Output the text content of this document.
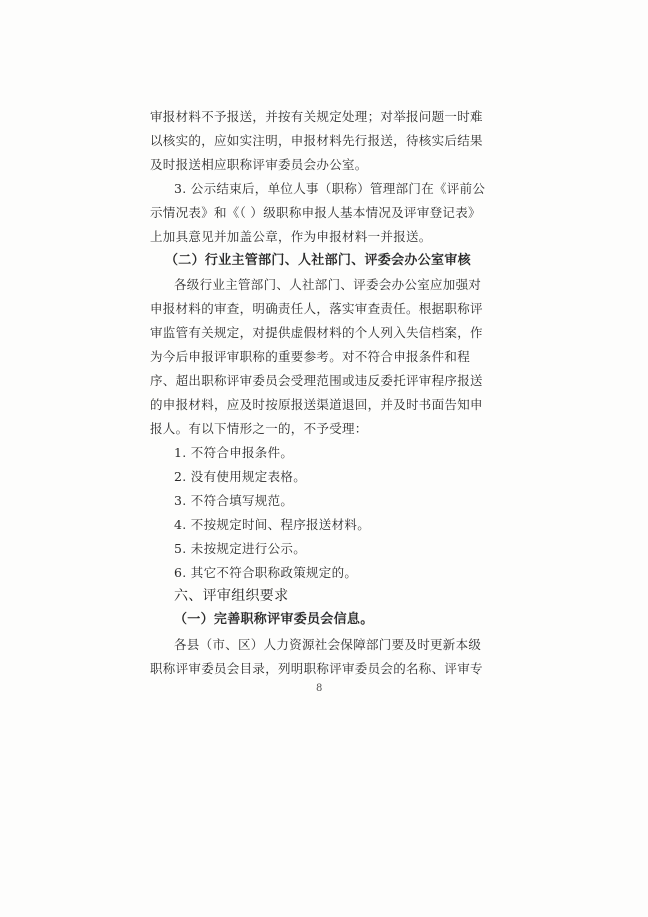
审报材料不予报送，并按有关规定处理；对举报问题一时难
以核实的，应如实注明，申报材料先行报送，待核实后结果
及时报送相应职称评审委员会办公室。
3. 公示结束后，单位人事（职称）管理部门在《评前公
示情况表》和《（ ）级职称申报人基本情况及评审登记表》
上加具意见并加盖公章，作为申报材料一并报送。
（二）行业主管部门、人社部门、评委会办公室审核
各级行业主管部门、人社部门、评委会办公室应加强对
申报材料的审查，明确责任人，落实审查责任。根据职称评
审监管有关规定，对提供虚假材料的个人列入失信档案，作
为今后申报评审职称的重要参考。对不符合申报条件和程
序、超出职称评审委员会受理范围或违反委托评审程序报送
的申报材料，应及时按原报送渠道退回，并及时书面告知申
报人。有以下情形之一的，不予受理：
1. 不符合申报条件。
2. 没有使用规定表格。
3. 不符合填写规范。
4. 不按规定时间、程序报送材料。
5. 未按规定进行公示。
6. 其它不符合职称政策规定的。
六、评审组织要求
（一）完善职称评审委员会信息。
各县（市、区）人力资源社会保障部门要及时更新本级
职称评审委员会目录，列明职称评审委员会的名称、评审专
8
